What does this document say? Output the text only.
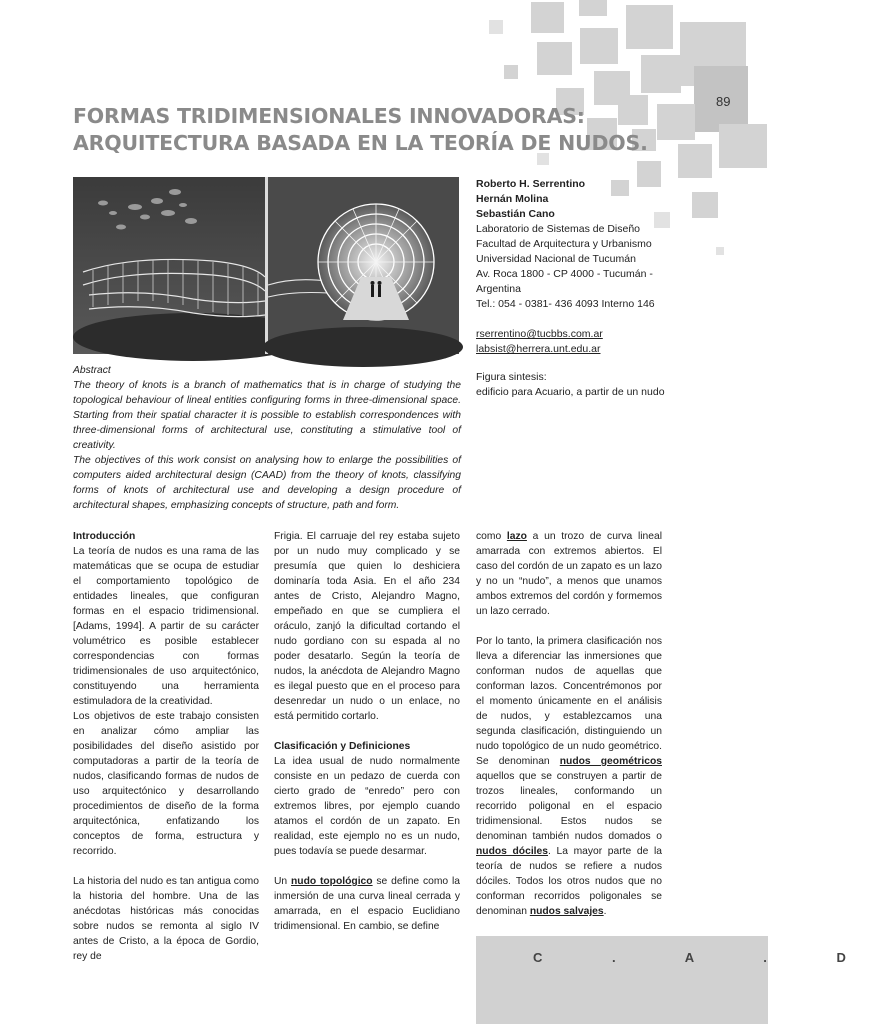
89
FORMAS TRIDIMENSIONALES INNOVADORAS:
ARQUITECTURA BASADA EN LA TEORÍA DE NUDOS.
Roberto H. Serrentino
Hernán Molina
Sebastián Cano
Laboratorio de Sistemas de Diseño
Facultad de Arquitectura y Urbanismo
Universidad Nacional de Tucumán
Av. Roca 1800 - CP 4000 - Tucumán -
Argentina
Tel.: 054 - 0381- 436 4093 Interno 146
rserrentino@tucbbs.com.ar
labsist@herrera.unt.edu.ar
Figura sintesis:
edificio para Acuario, a partir de un nudo

Abstract

The theory of knots is a branch of mathematics that is in charge of studying the topological behaviour of lineal entities configuring forms in three-dimensional space. Starting from their spatial character it is possible to establish correspondences with three-dimensional forms of architectural use, constituting a stimulative tool of creativity.

The objectives of this work consist on analysing how to enlarge the possibilities of computers aided architectural design (CAAD) from the theory of knots, classifying forms of knots of architectural use and developing a design procedure of architectural shapes, emphasizing concepts of structure, path and form.

Introducción

La teoría de nudos es una rama de las matemáticas que se ocupa de estudiar el comportamiento topológico de entidades lineales, que configuran formas en el espacio tridimensional. [Adams, 1994]. A partir de su carácter volumétrico es posible establecer correspondencias con formas tridimensionales de uso arquitectónico, constituyendo una herramienta estimuladora de la creatividad.

Los objetivos de este trabajo consisten en analizar cómo ampliar las posibilidades del diseño asistido por computadoras a partir de la teoría de nudos, clasificando formas de nudos de uso arquitectónico y desarrollando procedimientos de diseño de la forma arquitectónica, enfatizando los conceptos de forma, estructura y recorrido.

La historia del nudo es tan antigua como la historia del hombre. Una de las anécdotas históricas más conocidas sobre nudos se remonta al siglo IV antes de Cristo, a la época de Gordio, rey de

Frigia. El carruaje del rey estaba sujeto por un nudo muy complicado y se presumía que quien lo deshiciera dominaría toda Asia. En el año 234 antes de Cristo, Alejandro Magno, empeñado en que se cumpliera el oráculo, zanjó la dificultad cortando el nudo gordiano con su espada al no poder desatarlo. Según la teoría de nudos, la anécdota de Alejandro Magno es ilegal puesto que en el proceso para desenredar un nudo o un enlace, no está permitido cortarlo.

Clasificación y Definiciones

La idea usual de nudo normalmente consiste en un pedazo de cuerda con cierto grado de “enredo” pero con extremos libres, por ejemplo cuando atamos el cordón de un zapato. En realidad, este ejemplo no es un nudo, pues todavía se puede desarmar.

Un nudo topológico se define como la inmersión de una curva lineal cerrada y amarrada, en el espacio Euclidiano tridimensional. En cambio, se define

como lazo a un trozo de curva lineal amarrada con extremos abiertos. El caso del cordón de un zapato es un lazo y no un “nudo”, a menos que unamos ambos extremos del cordón y formemos un lazo cerrado.

Por lo tanto, la primera clasificación nos lleva a diferenciar las inmersiones que conforman nudos de aquellas que conforman lazos. Concentrémonos por el momento únicamente en el análisis de nudos, y establezcamos una segunda clasificación, distinguiendo un nudo topológico de un nudo geométrico. Se denominan nudos geométricos aquellos que se construyen a partir de trozos lineales, conformando un recorrido poligonal en el espacio tridimensional. Estos nudos se denominan también nudos domados o nudos dóciles. La mayor parte de la teoría de nudos se refiere a nudos dóciles. Todos los otros nudos que no conforman recorridos poligonales se denominan nudos salvajes.

C . A . D
